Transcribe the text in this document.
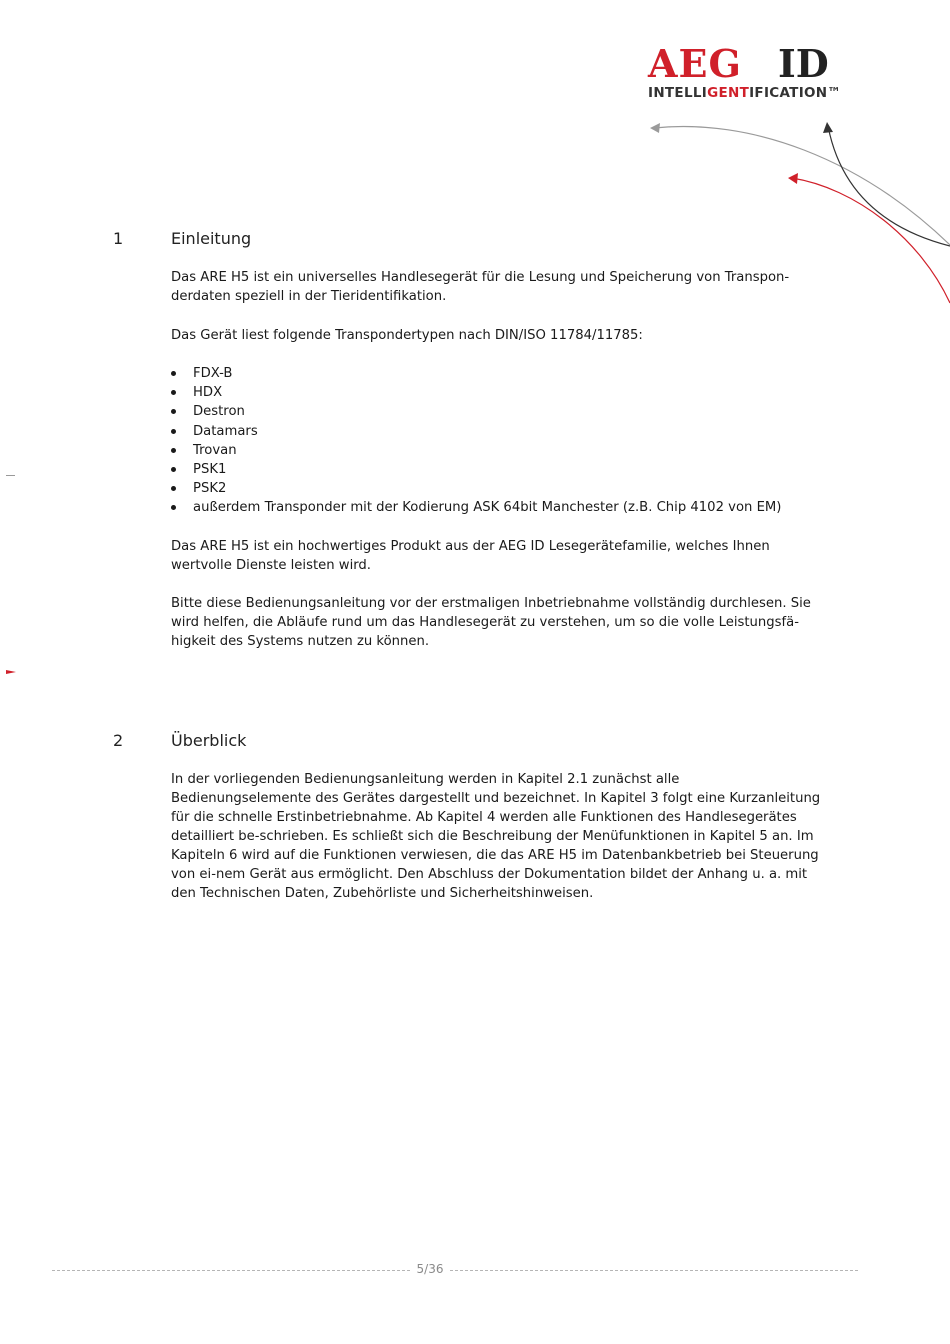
AEG ID
INTELLIGENTIFICATION™
1	Einleitung

Das ARE H5 ist ein universelles Handlesegerät für die Lesung und Speicherung von Transpon-derdaten speziell in der Tieridentifikation.

Das Gerät liest folgende Transpondertypen nach DIN/ISO 11784/11785:

FDX-B
HDX
Destron
Datamars
Trovan
PSK1
PSK2
außerdem Transponder mit der Kodierung ASK 64bit Manchester (z.B. Chip 4102 von EM)

Das ARE H5 ist ein hochwertiges Produkt aus der AEG ID Lesegerätefamilie, welches Ihnen wertvolle Dienste leisten wird.

Bitte diese Bedienungsanleitung vor der erstmaligen Inbetriebnahme vollständig durchlesen. Sie wird helfen, die Abläufe rund um das Handlesegerät zu verstehen, um so die volle Leistungsfä-higkeit des Systems nutzen zu können.

2	Überblick

In der vorliegenden Bedienungsanleitung werden in Kapitel 2.1 zunächst alle Bedienungselemente des Gerätes dargestellt und bezeichnet. In Kapitel 3 folgt eine Kurzanleitung für die schnelle Erstinbetriebnahme. Ab Kapitel 4 werden alle Funktionen des Handlesegerätes detailliert be-schrieben. Es schließt sich die Beschreibung der Menüfunktionen in Kapitel 5 an. Im Kapiteln 6 wird auf die Funktionen verwiesen, die das ARE H5 im Datenbankbetrieb bei Steuerung von ei-nem Gerät aus ermöglicht. Den Abschluss der Dokumentation bildet der Anhang u. a. mit den Technischen Daten, Zubehörliste und Sicherheitshinweisen.

5/36
